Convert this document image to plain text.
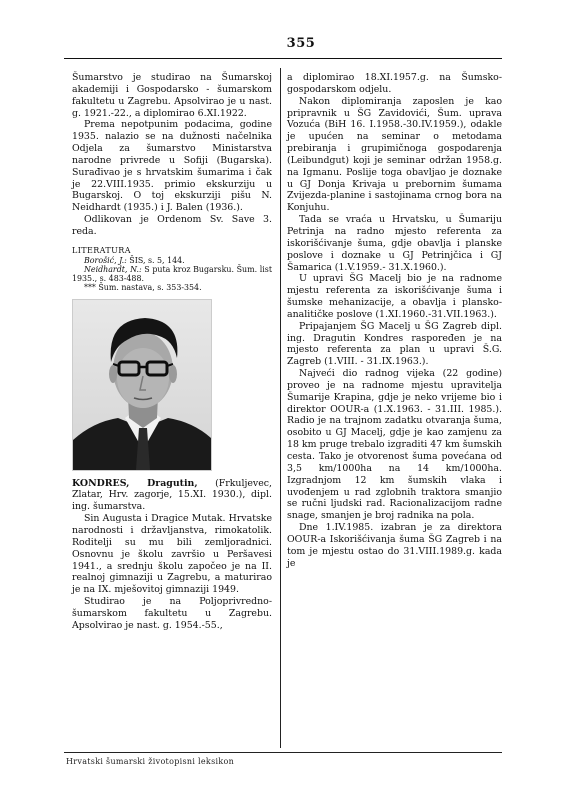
355

Šumarstvo je studirao na Šumarskoj akademiji i Gospodarsko - šumarskom fakultetu u Zagrebu. Apsolvirao je u nast. g. 1921.-22., a diplomirao 6.XI.1922.

Prema nepotpunim podacima, godine 1935. nalazio se na dužnosti načelnika Odjela za šumarstvo Ministarstva narodne privrede u Sofiji (Bugarska). Surađivao je s hrvatskim šumarima i čak je 22.VIII.1935. primio ekskurziju u Bugarskoj. O toj ekskurziji pišu N. Neidhardt (1935.) i J. Balen (1936.).

Odlikovan je Ordenom Sv. Save 3. reda.

LITERATURA

Borošić, J.: ŠIS, s. 5, 144.

Neidhardt, N.: S puta kroz Bugarsku. Šum. list 1935., s. 483-488.

*** Šum. nastava, s. 353-354.

KONDRES, Dragutin, (Frkuljevec, Zlatar, Hrv. zagorje, 15.XI. 1930.), dipl. ing. šumarstva.

Sin Augusta i Dragice Mutak. Hrvatske narodnosti i državljanstva, rimokatolik. Roditelji su mu bili zemljoradnici. Osnovnu je školu završio u Peršavesi 1941., a srednju školu započeo je na II. realnoj gimnaziji u Zagrebu, a maturirao je na IX. mješovitoj gimnaziji 1949.

Studirao je na Poljoprivredno-šumarskom fakultetu u Zagrebu. Apsolvirao je nast. g. 1954.-55.,

a diplomirao 18.XI.1957.g. na Šumsko-gospodarskom odjelu.

Nakon diplomiranja zaposlen je kao pripravnik u ŠG Zavidovići, Šum. uprava Vozuća (BiH 16. I.1958.-30.IV.1959.), odakle je upućen na seminar o metodama prebiranja i grupimičnoga gospodarenja (Leibundgut) koji je seminar održan 1958.g. na Igmanu. Poslije toga obavljao je doznake u GJ Donja Krivaja u prebornim šumama Zvijezda-planine i sastojinama crnog bora na Konjuhu.

Tada se vraća u Hrvatsku, u Šumariju Petrinja na radno mjesto referenta za iskorišćivanje šuma, gdje obavlja i planske poslove i doznake u GJ Petrinjčica i GJ Šamarica (1.V.1959.- 31.X.1960.).

U upravi ŠG Macelj bio je na radnome mjestu referenta za iskorišćivanje šuma i šumske mehanizacije, a obavlja i plansko-analitičke poslove (1.XI.1960.-31.VII.1963.).

Pripajanjem ŠG Macelj u ŠG Zagreb dipl. ing. Dragutin Kondres raspoređen je na mjesto referenta za plan u upravi Š.G. Zagreb (1.VIII. - 31.IX.1963.).

Najveći dio radnog vijeka (22 godine) proveo je na radnome mjestu upravitelja Šumarije Krapina, gdje je neko vrijeme bio i direktor OOUR-a (1.X.1963. - 31.III. 1985.). Radio je na trajnom zadatku otvaranja šuma, osobito u GJ Macelj, gdje je kao zamjenu za 18 km pruge trebalo izgraditi 47 km šumskih cesta. Tako je otvorenost šuma povećana od 3,5 km/1000ha na 14 km/1000ha. Izgradnjom 12 km šumskih vlaka i uvođenjem u rad zglobnih traktora smanjio se ručni ljudski rad. Racionalizacijom radne snage, smanjen je broj radnika na pola.

Dne 1.IV.1985. izabran je za direktora OOUR-a Iskorišćivanja šuma ŠG Zagreb i na tom je mjestu ostao do 31.VIII.1989.g. kada je

Hrvatski šumarski životopisni leksikon
